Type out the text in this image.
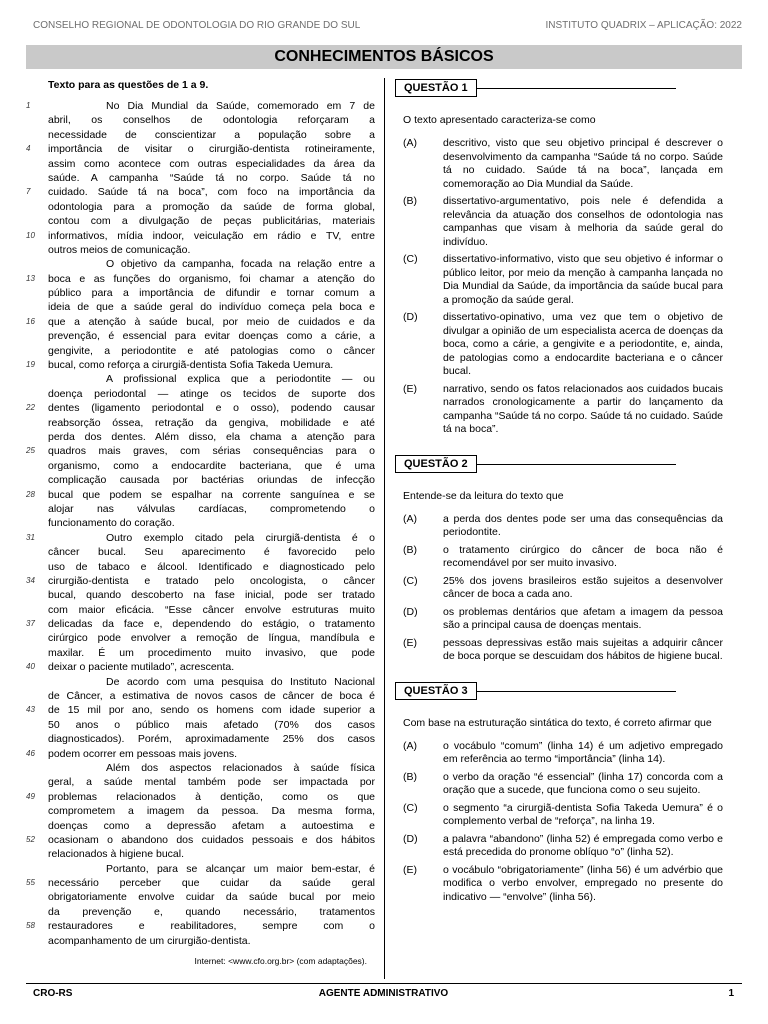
CONSELHO REGIONAL DE ODONTOLOGIA DO RIO GRANDE DO SUL	INSTITUTO QUADRIX – APLICAÇÃO: 2022
CONHECIMENTOS BÁSICOS
Texto para as questões de 1 a 9.
1	No Dia Mundial da Saúde, comemorado em 7 de
abril, os conselhos de odontologia reforçaram a
necessidade de conscientizar a população sobre a
4	importância de visitar o cirurgião-dentista rotineiramente,
assim como acontece com outras especialidades da área da
saúde. A campanha “Saúde tá no corpo. Saúde tá no
7	cuidado. Saúde tá na boca”, com foco na importância da
odontologia para a promoção da saúde de forma global,
contou com a divulgação de peças publicitárias, materiais
10	informativos, mídia indoor, veiculação em rádio e TV, entre
outros meios de comunicação.
O objetivo da campanha, focada na relação entre a
13	boca e as funções do organismo, foi chamar a atenção do
público para a importância de difundir e tornar comum a
ideia de que a saúde geral do indivíduo começa pela boca e
16	que a atenção à saúde bucal, por meio de cuidados e da
prevenção, é essencial para evitar doenças como a cárie, a
gengivite, a periodontite e até patologias como o câncer
19	bucal, como reforça a cirurgiã-dentista Sofia Takeda Uemura.
A profissional explica que a periodontite — ou
doença periodontal — atinge os tecidos de suporte dos
22	dentes (ligamento periodontal e o osso), podendo causar
reabsorção óssea, retração da gengiva, mobilidade e até
perda dos dentes. Além disso, ela chama a atenção para
25	quadros mais graves, com sérias consequências para o
organismo, como a endocardite bacteriana, que é uma
complicação causada por bactérias oriundas de infecção
28	bucal que podem se espalhar na corrente sanguínea e se
alojar nas válvulas cardíacas, comprometendo o
funcionamento do coração.
31	Outro exemplo citado pela cirurgiã-dentista é o
câncer bucal. Seu aparecimento é favorecido pelo
uso de tabaco e álcool. Identificado e diagnosticado pelo
34	cirurgião-dentista e tratado pelo oncologista, o câncer
bucal, quando descoberto na fase inicial, pode ser tratado
com maior eficácia. “Esse câncer envolve estruturas muito
37	delicadas da face e, dependendo do estágio, o tratamento
cirúrgico pode envolver a remoção de língua, mandíbula e
maxilar. É um procedimento muito invasivo, que pode
40	deixar o paciente mutilado”, acrescenta.
De acordo com uma pesquisa do Instituto Nacional
de Câncer, a estimativa de novos casos de câncer de boca é
43	de 15 mil por ano, sendo os homens com idade superior a
50 anos o público mais afetado (70% dos casos
diagnosticados). Porém, aproximadamente 25% dos casos
46	podem ocorrer em pessoas mais jovens.
Além dos aspectos relacionados à saúde física
geral, a saúde mental também pode ser impactada por
49	problemas relacionados à dentição, como os que
comprometem a imagem da pessoa. Da mesma forma,
doenças como a depressão afetam a autoestima e
52	ocasionam o abandono dos cuidados pessoais e dos hábitos
relacionados à higiene bucal.
Portanto, para se alcançar um maior bem-estar, é
55	necessário perceber que cuidar da saúde geral
obrigatoriamente envolve cuidar da saúde bucal por meio
da prevenção e, quando necessário, tratamentos
58	restauradores e reabilitadores, sempre com o
acompanhamento de um cirurgião-dentista.
Internet: <www.cfo.org.br> (com adaptações).
QUESTÃO 1
O texto apresentado caracteriza-se como
(A) descritivo, visto que seu objetivo principal é descrever o desenvolvimento da campanha “Saúde tá no corpo. Saúde tá no cuidado. Saúde tá na boca”, lançada em comemoração ao Dia Mundial da Saúde.
(B) dissertativo-argumentativo, pois nele é defendida a relevância da atuação dos conselhos de odontologia nas campanhas que visam à melhoria da saúde geral do indivíduo.
(C) dissertativo-informativo, visto que seu objetivo é informar o público leitor, por meio da menção à campanha lançada no Dia Mundial da Saúde, da importância da saúde bucal para a promoção da saúde geral.
(D) dissertativo-opinativo, uma vez que tem o objetivo de divulgar a opinião de um especialista acerca de doenças da boca, como a cárie, a gengivite e a periodontite, e, ainda, de patologias como a endocardite bacteriana e o câncer bucal.
(E) narrativo, sendo os fatos relacionados aos cuidados bucais narrados cronologicamente a partir do lançamento da campanha “Saúde tá no corpo. Saúde tá no cuidado. Saúde tá na boca”.
QUESTÃO 2
Entende-se da leitura do texto que
(A) a perda dos dentes pode ser uma das consequências da periodontite.
(B) o tratamento cirúrgico do câncer de boca não é recomendável por ser muito invasivo.
(C) 25% dos jovens brasileiros estão sujeitos a desenvolver câncer de boca a cada ano.
(D) os problemas dentários que afetam a imagem da pessoa são a principal causa de doenças mentais.
(E) pessoas depressivas estão mais sujeitas a adquirir câncer de boca porque se descuidam dos hábitos de higiene bucal.
QUESTÃO 3
Com base na estruturação sintática do texto, é correto afirmar que
(A) o vocábulo “comum” (linha 14) é um adjetivo empregado em referência ao termo “importância” (linha 14).
(B) o verbo da oração “é essencial” (linha 17) concorda com a oração que a sucede, que funciona como o seu sujeito.
(C) o segmento “a cirurgiã-dentista Sofia Takeda Uemura” é o complemento verbal de “reforça”, na linha 19.
(D) a palavra “abandono” (linha 52) é empregada como verbo e está precedida do pronome oblíquo “o” (linha 52).
(E) o vocábulo “obrigatoriamente” (linha 56) é um advérbio que modifica o verbo envolver, empregado no presente do indicativo — “envolve” (linha 56).
CRO-RS	AGENTE ADMINISTRATIVO	1
